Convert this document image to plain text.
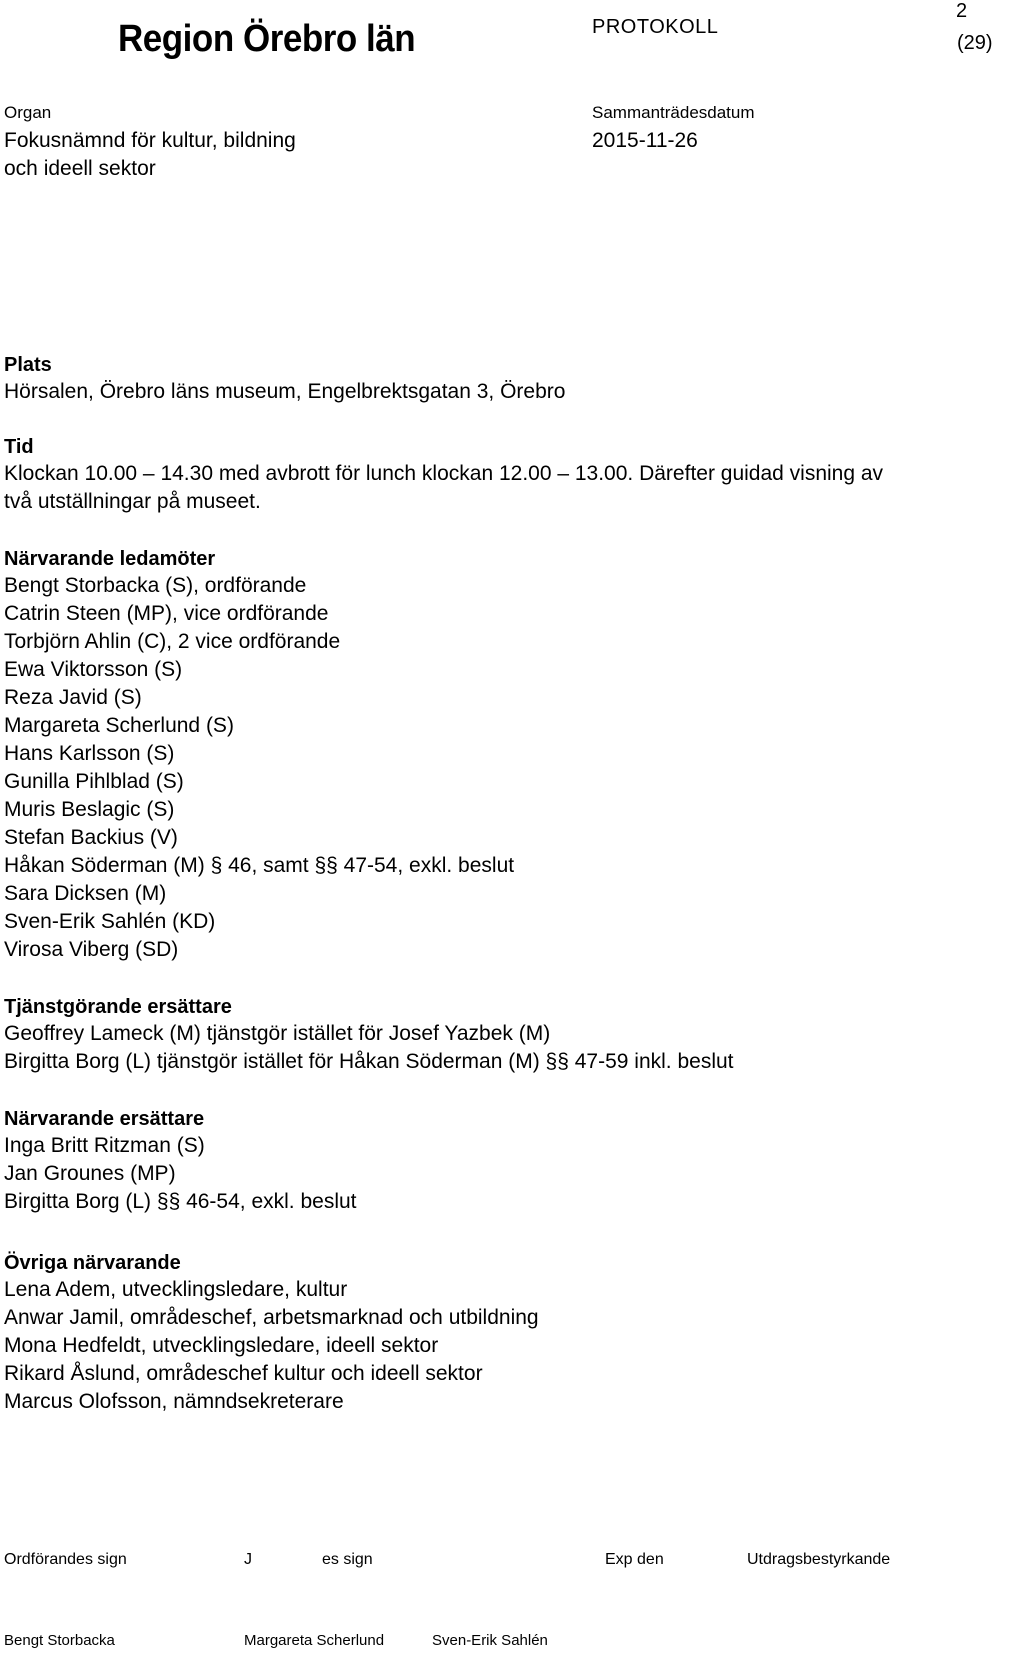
Region Örebro län	PROTOKOLL
2
(29)
Organ
Fokusnämnd för kultur, bildning
och ideell sektor
Sammanträdesdatum
2015-11-26
Plats
Hörsalen, Örebro läns museum, Engelbrektsgatan 3, Örebro
Tid
Klockan 10.00 – 14.30 med avbrott för lunch klockan 12.00 – 13.00. Därefter guidad visning av
två utställningar på museet.
Närvarande ledamöter
Bengt Storbacka (S), ordförande
Catrin Steen (MP), vice ordförande
Torbjörn Ahlin (C), 2 vice ordförande
Ewa Viktorsson (S)
Reza Javid (S)
Margareta Scherlund (S)
Hans Karlsson (S)
Gunilla Pihlblad (S)
Muris Beslagic (S)
Stefan Backius (V)
Håkan Söderman (M) § 46, samt §§ 47-54, exkl. beslut
Sara Dicksen (M)
Sven-Erik Sahlén (KD)
Virosa Viberg (SD)
Tjänstgörande ersättare
Geoffrey Lameck (M) tjänstgör istället för Josef Yazbek (M)
Birgitta Borg (L) tjänstgör istället för Håkan Söderman (M) §§ 47-59 inkl. beslut
Närvarande ersättare
Inga Britt Ritzman (S)
Jan Grounes (MP)
Birgitta Borg (L) §§ 46-54, exkl. beslut
Övriga närvarande
Lena Adem, utvecklingsledare, kultur
Anwar Jamil, områdeschef, arbetsmarknad och utbildning
Mona Hedfeldt, utvecklingsledare, ideell sektor
Rikard Åslund, områdeschef kultur och ideell sektor
Marcus Olofsson, nämndsekreterare
Ordförandes sign	J	es sign	Exp den	Utdragsbestyrkande
Bengt Storbacka	Margareta Scherlund	Sven-Erik Sahlén
